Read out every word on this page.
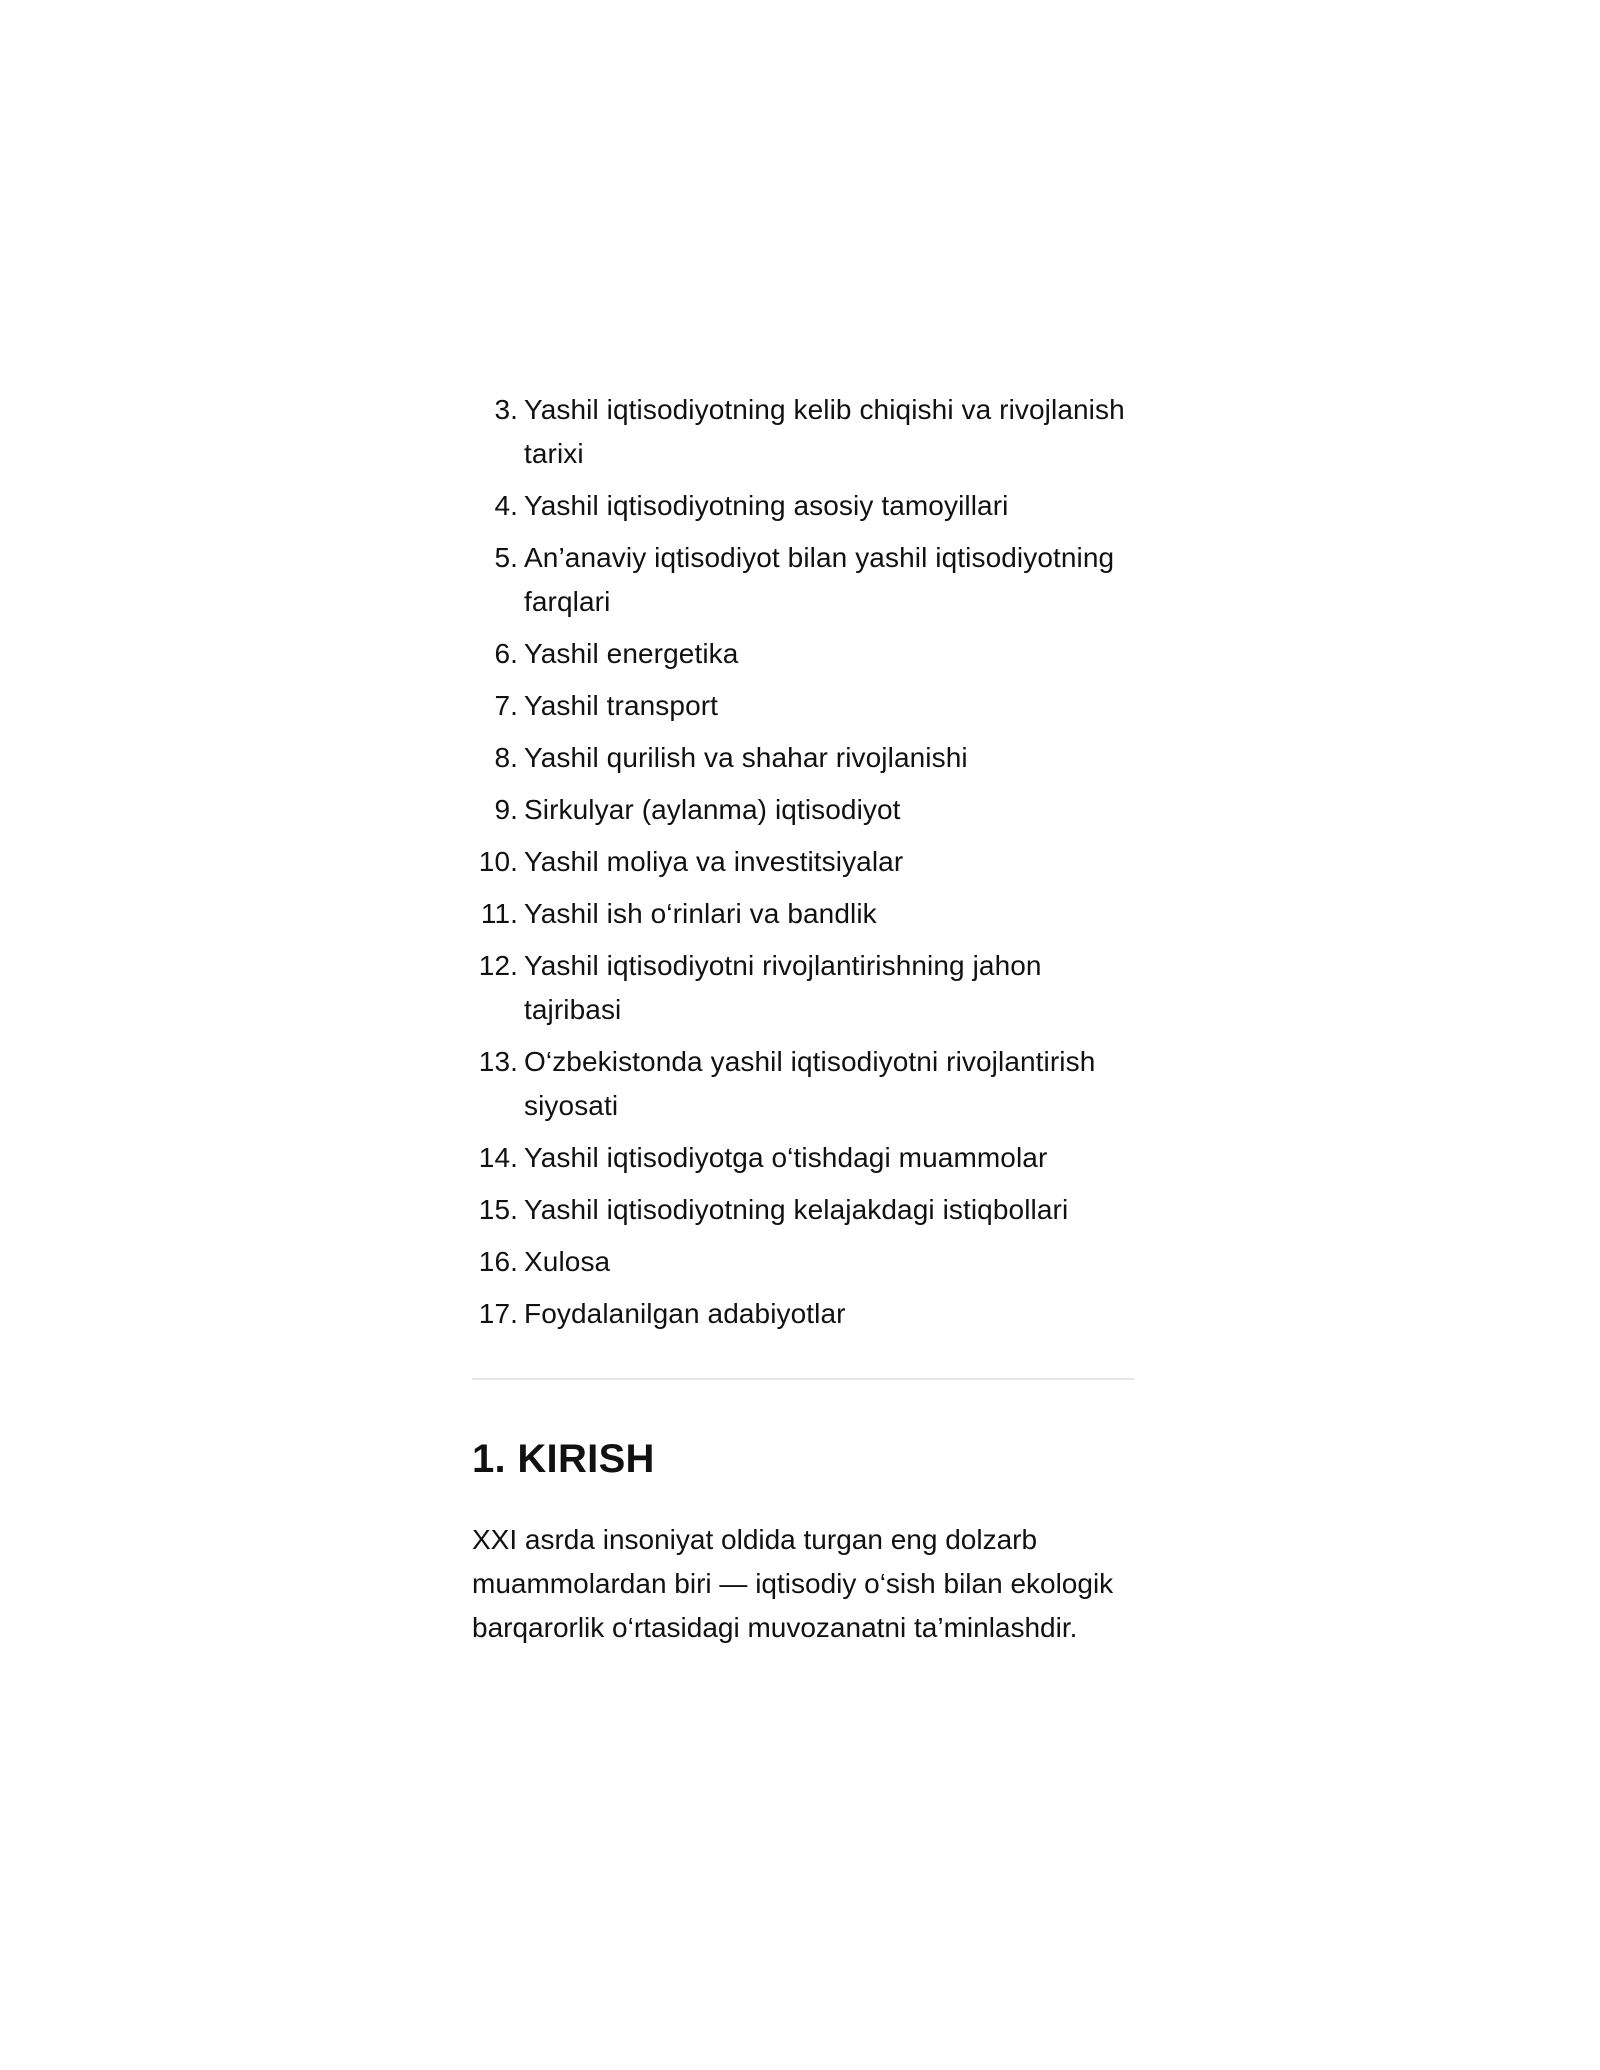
3. Yashil iqtisodiyotning kelib chiqishi va rivojlanish tarixi
4. Yashil iqtisodiyotning asosiy tamoyillari
5. An’anaviy iqtisodiyot bilan yashil iqtisodiyotning farqlari
6. Yashil energetika
7. Yashil transport
8. Yashil qurilish va shahar rivojlanishi
9. Sirkulyar (aylanma) iqtisodiyot
10. Yashil moliya va investitsiyalar
11. Yashil ish o‘rinlari va bandlik
12. Yashil iqtisodiyotni rivojlantirishning jahon tajribasi
13. O‘zbekistonda yashil iqtisodiyotni rivojlantirish siyosati
14. Yashil iqtisodiyotga o‘tishdagi muammolar
15. Yashil iqtisodiyotning kelajakdagi istiqbollari
16. Xulosa
17. Foydalanilgan adabiyotlar
1. KIRISH

XXI asrda insoniyat oldida turgan eng dolzarb muammolardan biri — iqtisodiy o‘sish bilan ekologik barqarorlik o‘rtasidagi muvozanatni ta’minlashdir.
